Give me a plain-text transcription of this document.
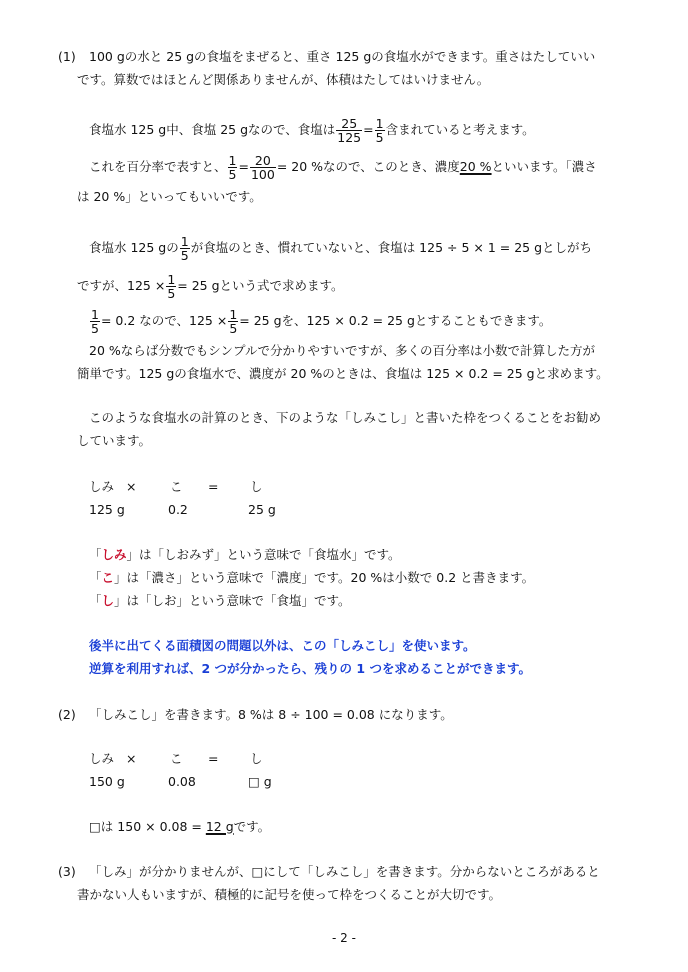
(1) 100 gの水と 25 gの食塩をまぜると、重さ 125 gの食塩水ができます。重さはたしていい
です。算数ではほとんど関係ありませんが、体積はたしてはいけません。
食塩水 125 g中、食塩 25 gなので、食塩は $\frac{25}{125} = \frac{1}{5}$ 含まれていると考えます。
これを百分率で表すと、 $\frac{1}{5} = \frac{20}{100} = 20$ %なので、このとき、濃度20 %といいます。「濃さ
は 20 %」といってもいいです。
食塩水 125 gの $\frac{1}{5}$ が食塩のとき、慣れていないと、食塩は 125 ÷ 5 × 1 = 25 gとしがち
ですが、$125 \times \frac{1}{5} = 25$ gという式で求めます。
$\frac{1}{5} = 0.2$ なので、$125 \times \frac{1}{5} = 25$ gを、125 × 0.2 = 25 gとすることもできます。
20 %ならば分数でもシンプルで分かりやすいですが、多くの百分率は小数で計算した方が
簡単です。125 gの食塩水で、濃度が 20 %のときは、食塩は 125 × 0.2 = 25 gと求めます。
このような食塩水の計算のとき、下のような「しみこし」と書いた枠をつくることをお勧め
しています。
しみ ×	こ =	し
125 g	0.2	25 g
「しみ」は「しおみず」という意味で「食塩水」です。
「こ」は「濃さ」という意味で「濃度」です。20 %は小数で 0.2 と書きます。
「し」は「しお」という意味で「食塩」です。
後半に出てくる面積図の問題以外は、この「しみこし」を使います。
逆算を利用すれば、2 つが分かったら、残りの 1 つを求めることができます。
(2) 「しみこし」を書きます。8 %は 8 ÷ 100 = 0.08 になります。
しみ ×	こ =	し
150 g	0.08	□ g
□は 150 × 0.08 = 12 gです。
(3) 「しみ」が分かりませんが、□にして「しみこし」を書きます。分からないところがあると
書かない人もいますが、積極的に記号を使って枠をつくることが大切です。
- 2 -
